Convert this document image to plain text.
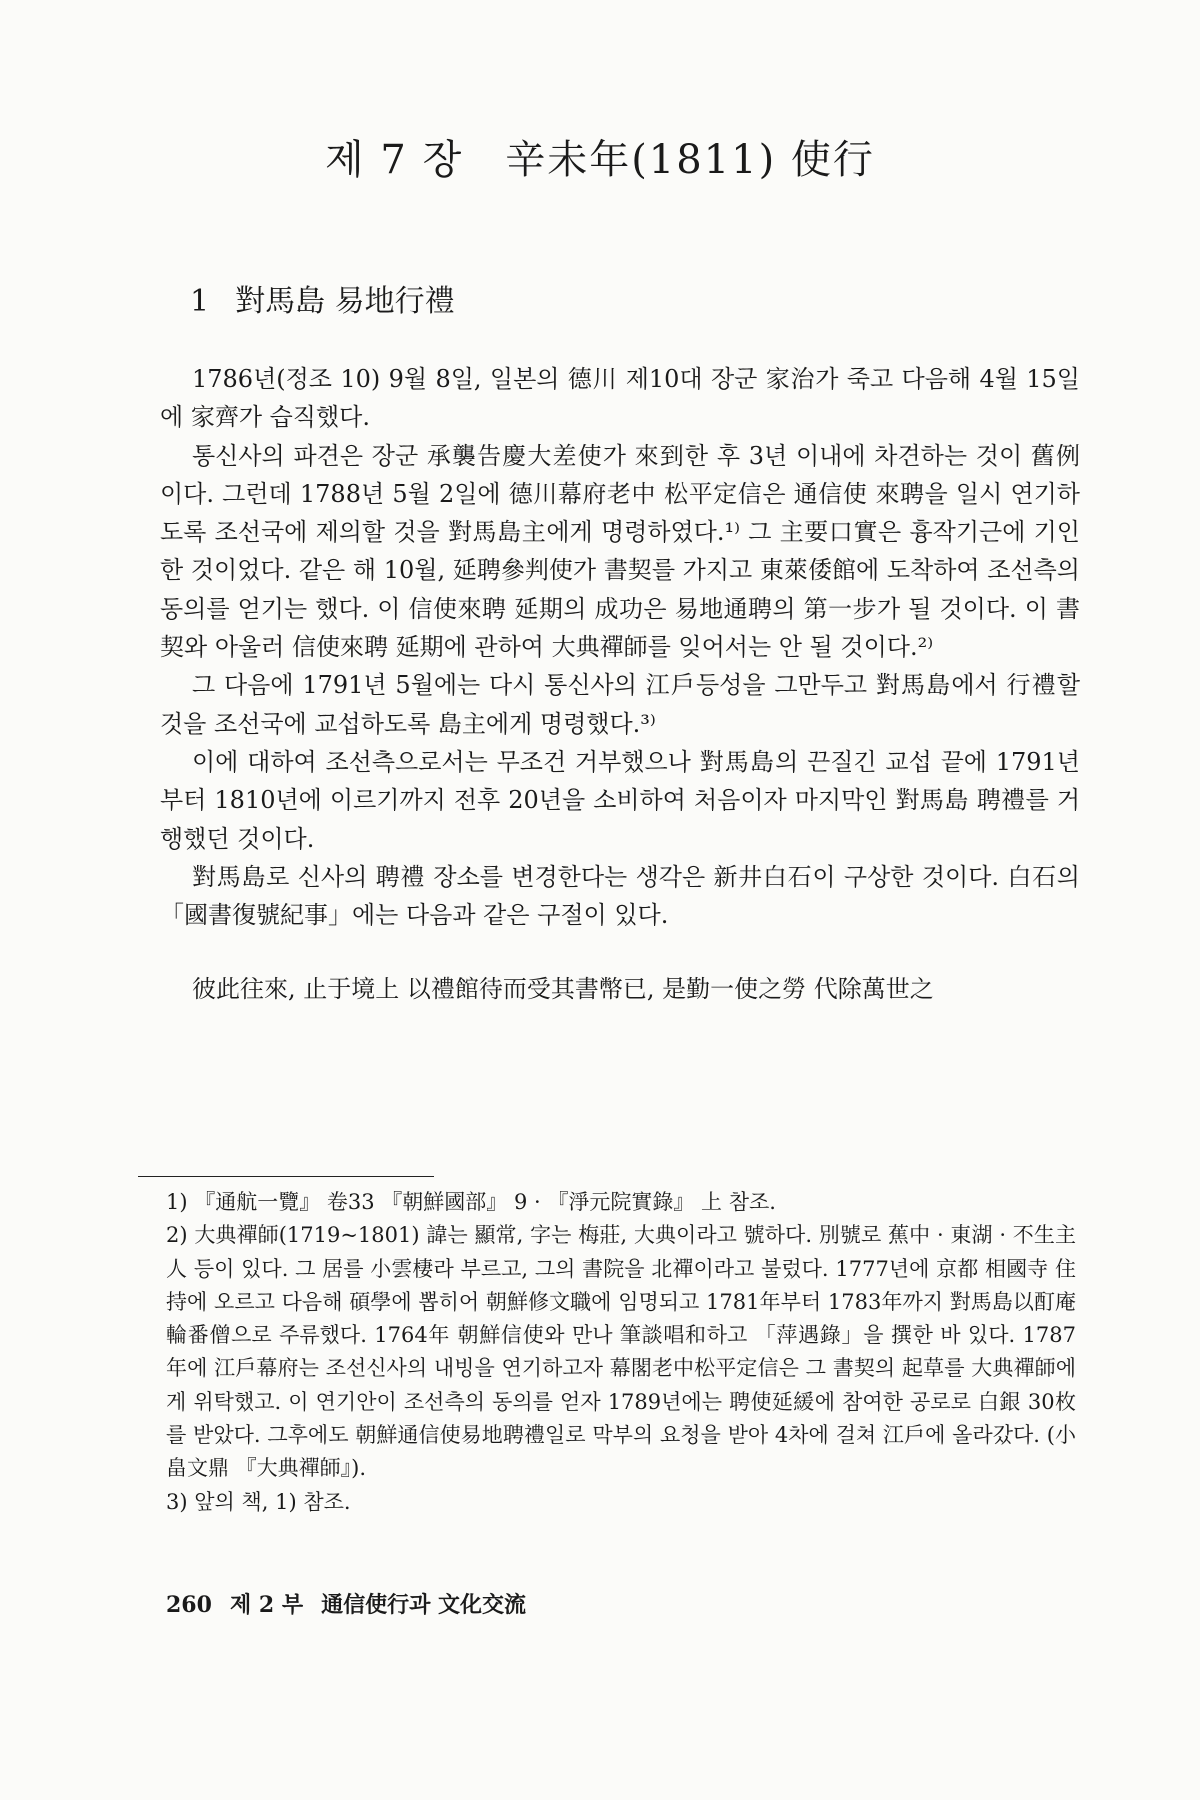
제 7 장　辛未年(1811) 使行
1 對馬島 易地行禮

1786년(정조 10) 9월 8일, 일본의 德川 제10대 장군 家治가 죽고 다음해 4월 15일에 家齊가 습직했다.

통신사의 파견은 장군 承襲告慶大差使가 來到한 후 3년 이내에 차견하는 것이 舊例이다. 그런데 1788년 5월 2일에 德川幕府老中 松平定信은 通信使 來聘을 일시 연기하도록 조선국에 제의할 것을 對馬島主에게 명령하였다.¹⁾ 그 主要口實은 흉작기근에 기인한 것이었다. 같은 해 10월, 延聘參判使가 書契를 가지고 東萊倭館에 도착하여 조선측의 동의를 얻기는 했다. 이 信使來聘 延期의 成功은 易地通聘의 第一步가 될 것이다. 이 書契와 아울러 信使來聘 延期에 관하여 大典禪師를 잊어서는 안 될 것이다.²⁾

그 다음에 1791년 5월에는 다시 통신사의 江戶등성을 그만두고 對馬島에서 行禮할 것을 조선국에 교섭하도록 島主에게 명령했다.³⁾

이에 대하여 조선측으로서는 무조건 거부했으나 對馬島의 끈질긴 교섭 끝에 1791년부터 1810년에 이르기까지 전후 20년을 소비하여 처음이자 마지막인 對馬島 聘禮를 거행했던 것이다.

對馬島로 신사의 聘禮 장소를 변경한다는 생각은 新井白石이 구상한 것이다. 白石의 「國書復號紀事」에는 다음과 같은 구절이 있다.

彼此往來, 止于境上 以禮館待而受其書幣已, 是勤一使之勞 代除萬世之

1) 『通航一覽』 卷33 『朝鮮國部』 9 · 『淨元院實錄』 上 참조.

2) 大典禪師(1719~1801) 諱는 顯常, 字는 梅莊, 大典이라고 號하다. 別號로 蕉中 · 東湖 · 不生主人 등이 있다. 그 居를 小雲棲라 부르고, 그의 書院을 北禪이라고 불렀다. 1777년에 京都 相國寺 住持에 오르고 다음해 碩學에 뽑히어 朝鮮修文職에 임명되고 1781年부터 1783年까지 對馬島以酊庵輪番僧으로 주류했다. 1764年 朝鮮信使와 만나 筆談唱和하고 「萍遇錄」을 撰한 바 있다. 1787年에 江戶幕府는 조선신사의 내빙을 연기하고자 幕閣老中松平定信은 그 書契의 起草를 大典禪師에게 위탁했고. 이 연기안이 조선측의 동의를 얻자 1789년에는 聘使延緩에 참여한 공로로 白銀 30枚를 받았다. 그후에도 朝鮮通信使易地聘禮일로 막부의 요청을 받아 4차에 걸쳐 江戶에 올라갔다. (小畠文鼎 『大典禪師』).

3) 앞의 책, 1) 참조.

260 제 2 부 通信使行과 文化交流
